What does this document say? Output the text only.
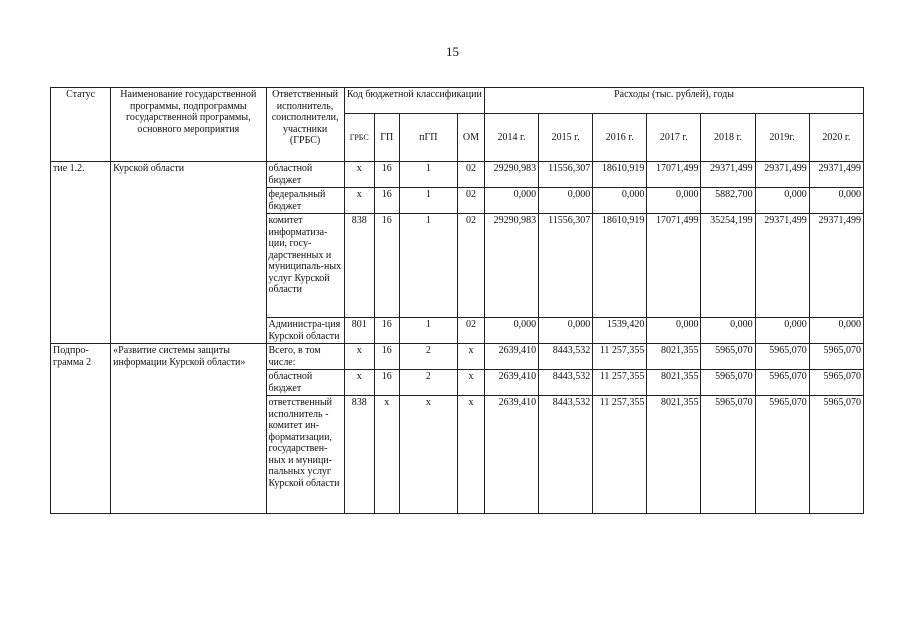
15
Статус	Наименование государственной программы, подпрограммы государственной программы, основного мероприятия	Ответственный исполнитель, соисполнители, участники (ГРБС)	Код бюджетной классификации				Расходы (тыс. рублей), годы						
			ГРБС	ГП	пГП	ОМ	2014 г.	2015 г.	2016 г.	2017 г.	2018 г.	2019г.	2020 г.
тие 1.2.	Курской области	областной бюджет	х	16	1	02	29290,983	11556,307	18610,919	17071,499	29371,499	29371,499	29371,499
		федеральный бюджет	х	16	1	02	0,000	0,000	0,000	0,000	5882,700	0,000	0,000
		комитет информатиза-ции, госу-дарственных и муниципаль-ных услуг Курской области	838	16	1	02	29290,983	11556,307	18610,919	17071,499	35254,199	29371,499	29371,499
		Администра-ция Курской области	801	16	1	02	0,000	0,000	1539,420	0,000	0,000	0,000	0,000
Подпро-грамма 2	«Развитие системы защиты информации Курской области»	Всего, в том числе:	х	16	2	х	2639,410	8443,532	11 257,355	8021,355	5965,070	5965,070	5965,070
		областной бюджет	х	16	2	х	2639,410	8443,532	11 257,355	8021,355	5965,070	5965,070	5965,070
		ответственный исполнитель - комитет ин-форматизации, государствен-ных и муници-пальных услуг Курской области	838	х	х	х	2639,410	8443,532	11 257,355	8021,355	5965,070	5965,070	5965,070
